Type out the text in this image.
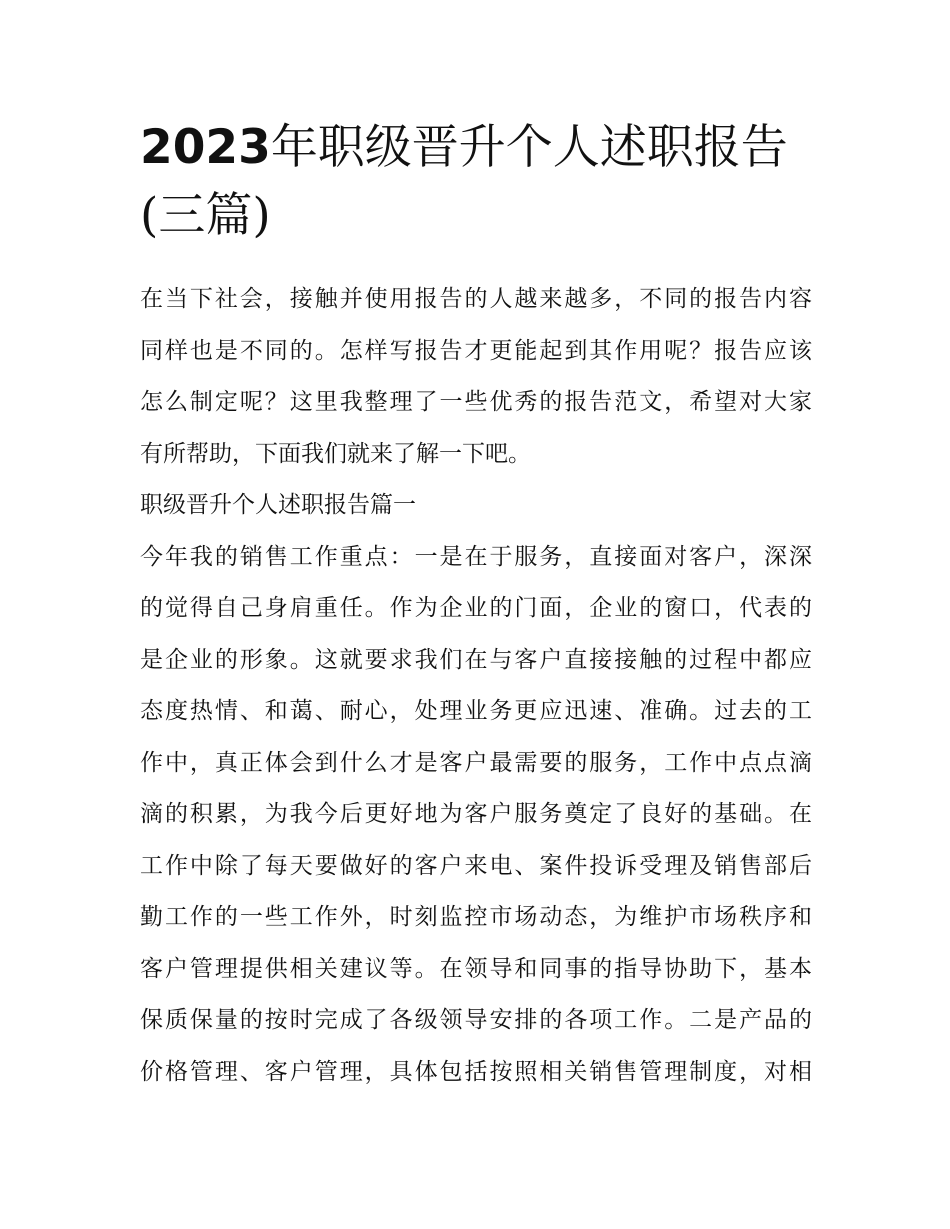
2023年职级晋升个人述职报告
(三篇)

在当下社会，接触并使用报告的人越来越多，不同的报告内容
同样也是不同的。怎样写报告才更能起到其作用呢？报告应该
怎么制定呢？这里我整理了一些优秀的报告范文，希望对大家
有所帮助，下面我们就来了解一下吧。

职级晋升个人述职报告篇一

今年我的销售工作重点：一是在于服务，直接面对客户，深深
的觉得自己身肩重任。作为企业的门面，企业的窗口，代表的
是企业的形象。这就要求我们在与客户直接接触的过程中都应
态度热情、和蔼、耐心，处理业务更应迅速、准确。过去的工
作中，真正体会到什么才是客户最需要的服务，工作中点点滴
滴的积累，为我今后更好地为客户服务奠定了良好的基础。在
工作中除了每天要做好的客户来电、案件投诉受理及销售部后
勤工作的一些工作外，时刻监控市场动态，为维护市场秩序和
客户管理提供相关建议等。在领导和同事的指导协助下，基本
保质保量的按时完成了各级领导安排的各项工作。二是产品的
价格管理、客户管理，具体包括按照相关销售管理制度，对相
